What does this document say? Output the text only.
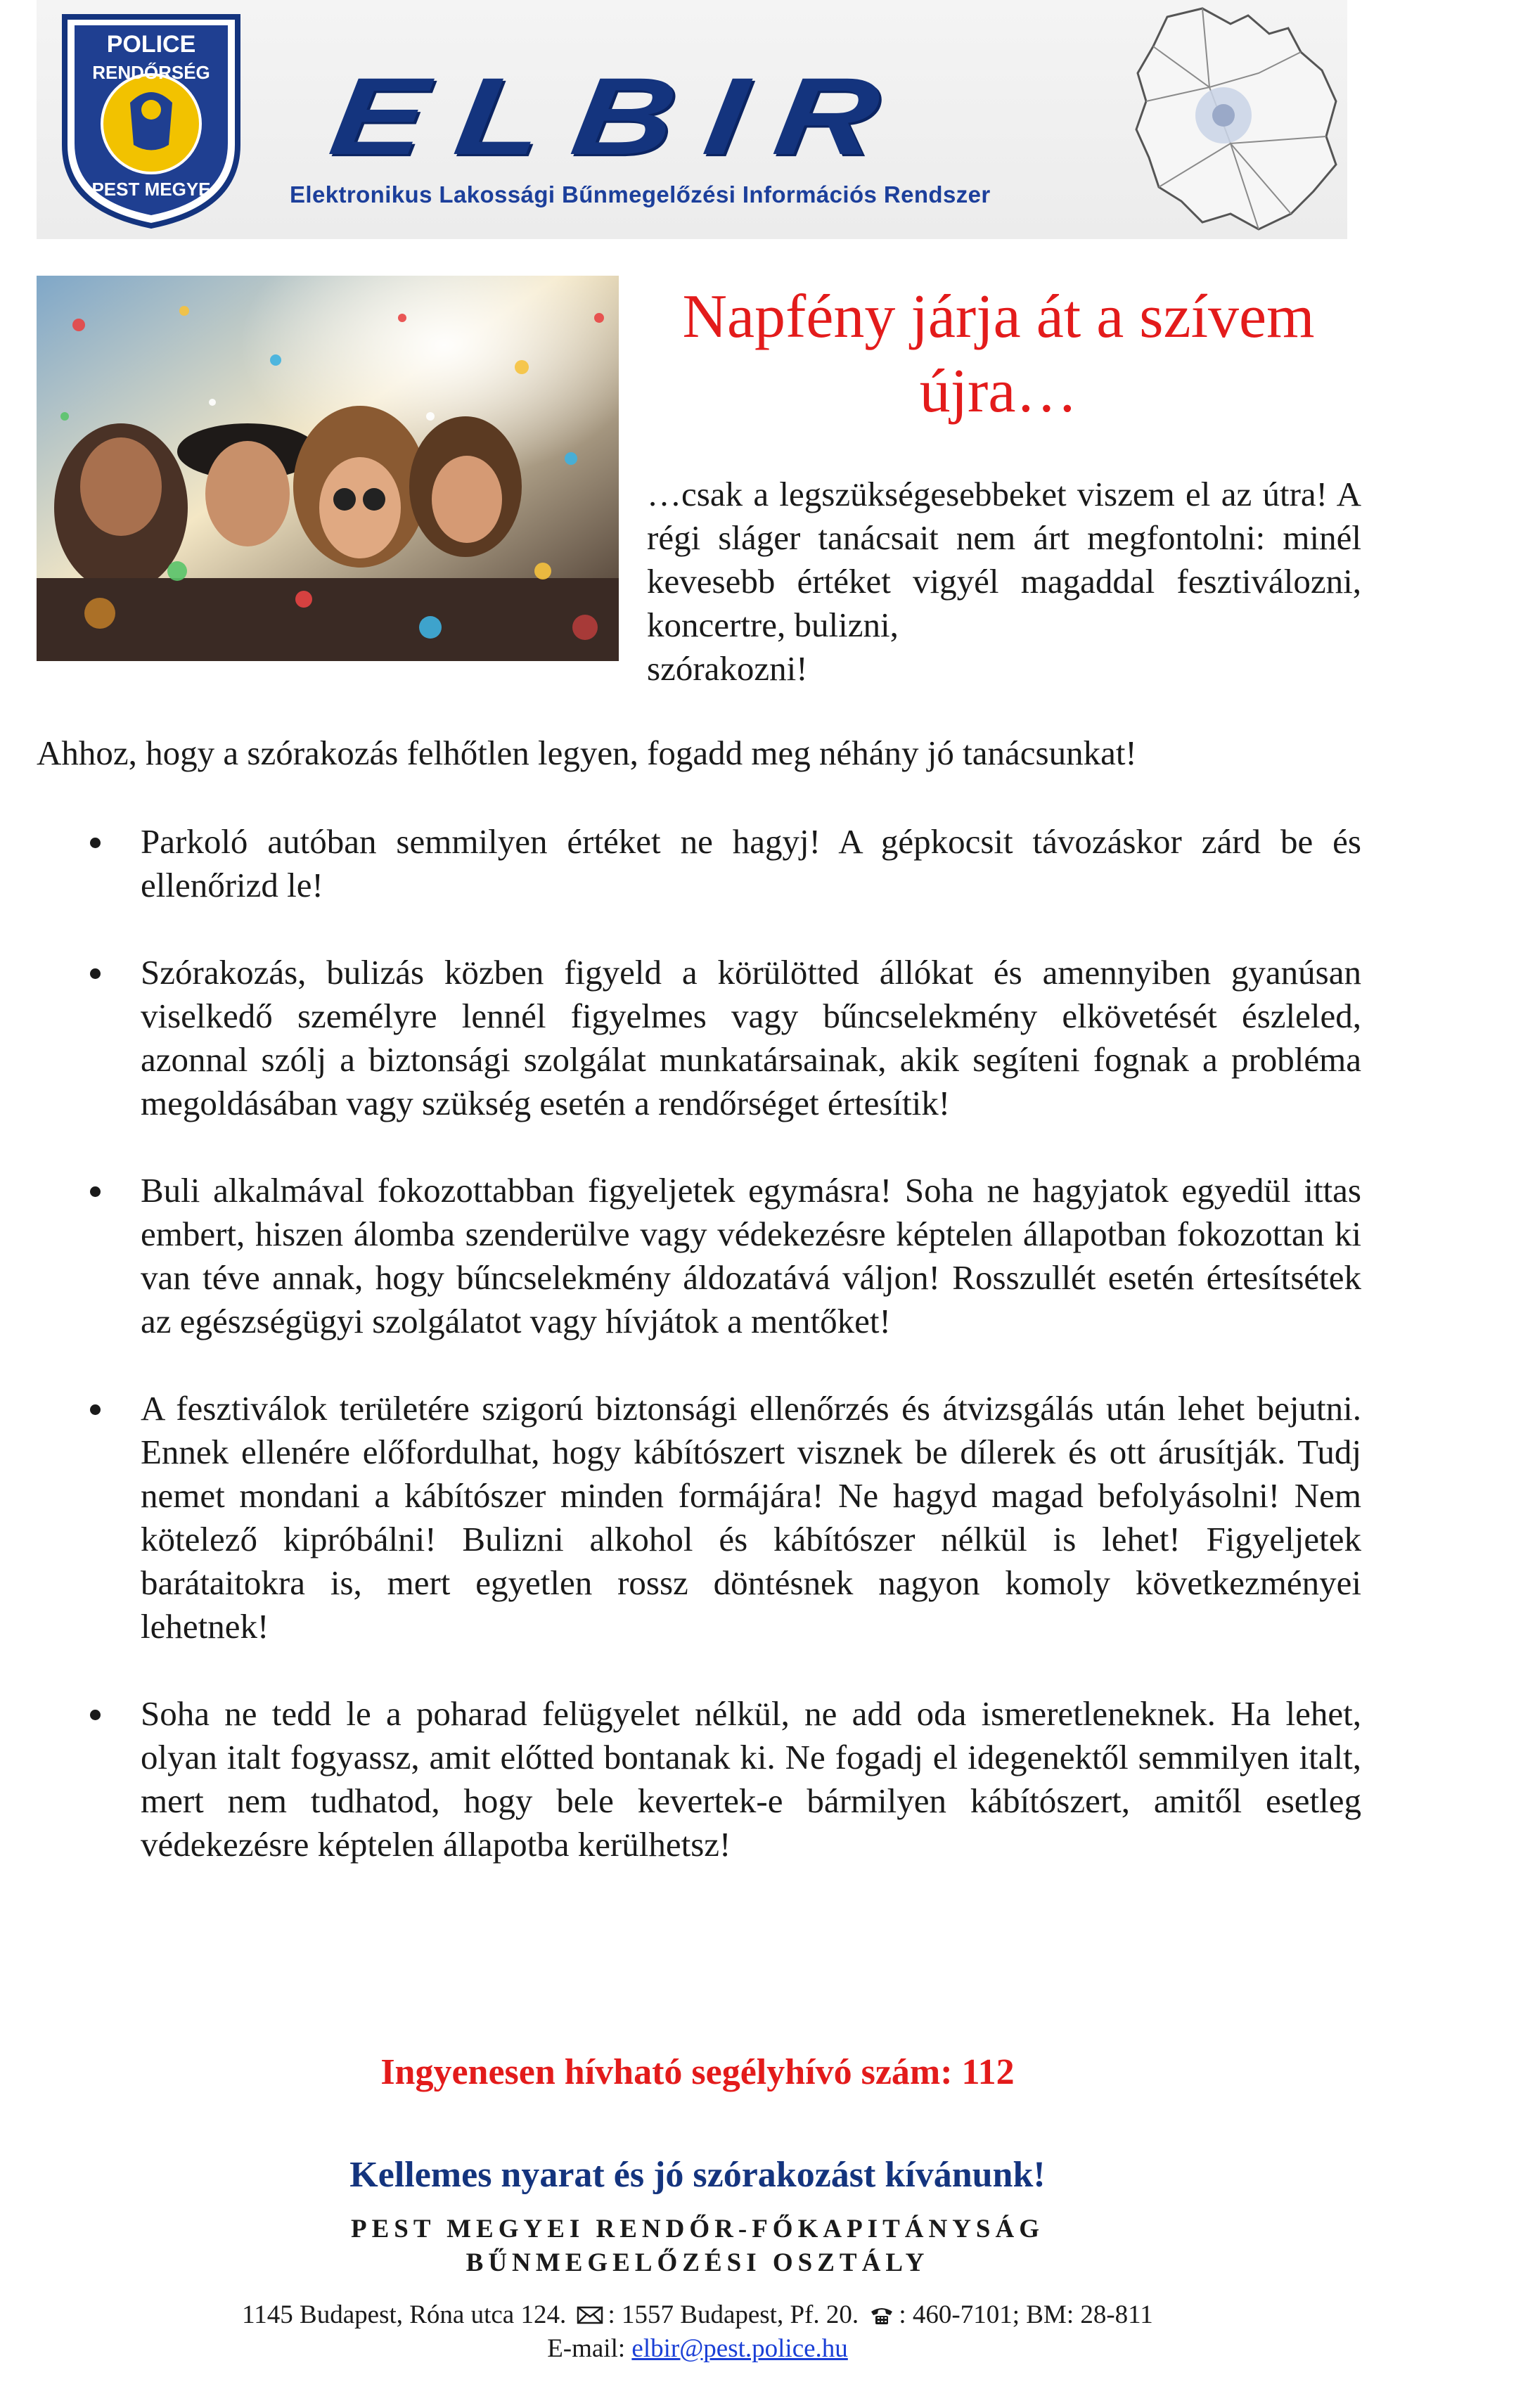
POLICE
RENDŐRSÉG
PEST MEGYE
ELBIR
Elektronikus Lakossági Bűnmegelőzési Információs Rendszer
Napfény járja át a szívem
újra…
…csak a legszükségesebbeket viszem el az útra! A régi sláger tanácsait nem árt megfontolni: minél kevesebb értéket vigyél magaddal fesztiválozni, koncertre, bulizni,
szórakozni!
Ahhoz, hogy a szórakozás felhőtlen legyen, fogadd meg néhány jó tanácsunkat!
Parkoló autóban semmilyen értéket ne hagyj! A gépkocsit távozáskor zárd be és ellenőrizd le!
Szórakozás, bulizás közben figyeld a körülötted állókat és amennyiben gyanúsan viselkedő személyre lennél figyelmes vagy bűncselekmény elkövetését észleled, azonnal szólj a biztonsági szolgálat munkatársainak, akik segíteni fognak a probléma megoldásában vagy szükség esetén a rendőrséget értesítik!
Buli alkalmával fokozottabban figyeljetek egymásra! Soha ne hagyjatok egyedül ittas embert, hiszen álomba szenderülve vagy védekezésre képtelen állapotban fokozottan ki van téve annak, hogy bűncselekmény áldozatává váljon! Rosszullét esetén értesítsétek az egészségügyi szolgálatot vagy hívjátok a mentőket!
A fesztiválok területére szigorú biztonsági ellenőrzés és átvizsgálás után lehet bejutni. Ennek ellenére előfordulhat, hogy kábítószert visznek be dílerek és ott árusítják. Tudj nemet mondani a kábítószer minden formájára! Ne hagyd magad befolyásolni! Nem kötelező kipróbálni! Bulizni alkohol és kábítószer nélkül is lehet! Figyeljetek barátaitokra is, mert egyetlen rossz döntésnek nagyon komoly következményei lehetnek!
Soha ne tedd le a poharad felügyelet nélkül, ne add oda ismeretleneknek. Ha lehet, olyan italt fogyassz, amit előtted bontanak ki. Ne fogadj el idegenektől semmilyen italt, mert nem tudhatod, hogy bele kevertek-e bármilyen kábítószert, amitől esetleg védekezésre képtelen állapotba kerülhetsz!
Ingyenesen hívható segélyhívó szám: 112
Kellemes nyarat és jó szórakozást kívánunk!
PEST MEGYEI RENDŐR-FŐKAPITÁNYSÁG
BŰNMEGELŐZÉSI OSZTÁLY
1145 Budapest, Róna utca 124. : 1557 Budapest, Pf. 20. : 460-7101; BM: 28-811
E-mail: elbir@pest.police.hu
